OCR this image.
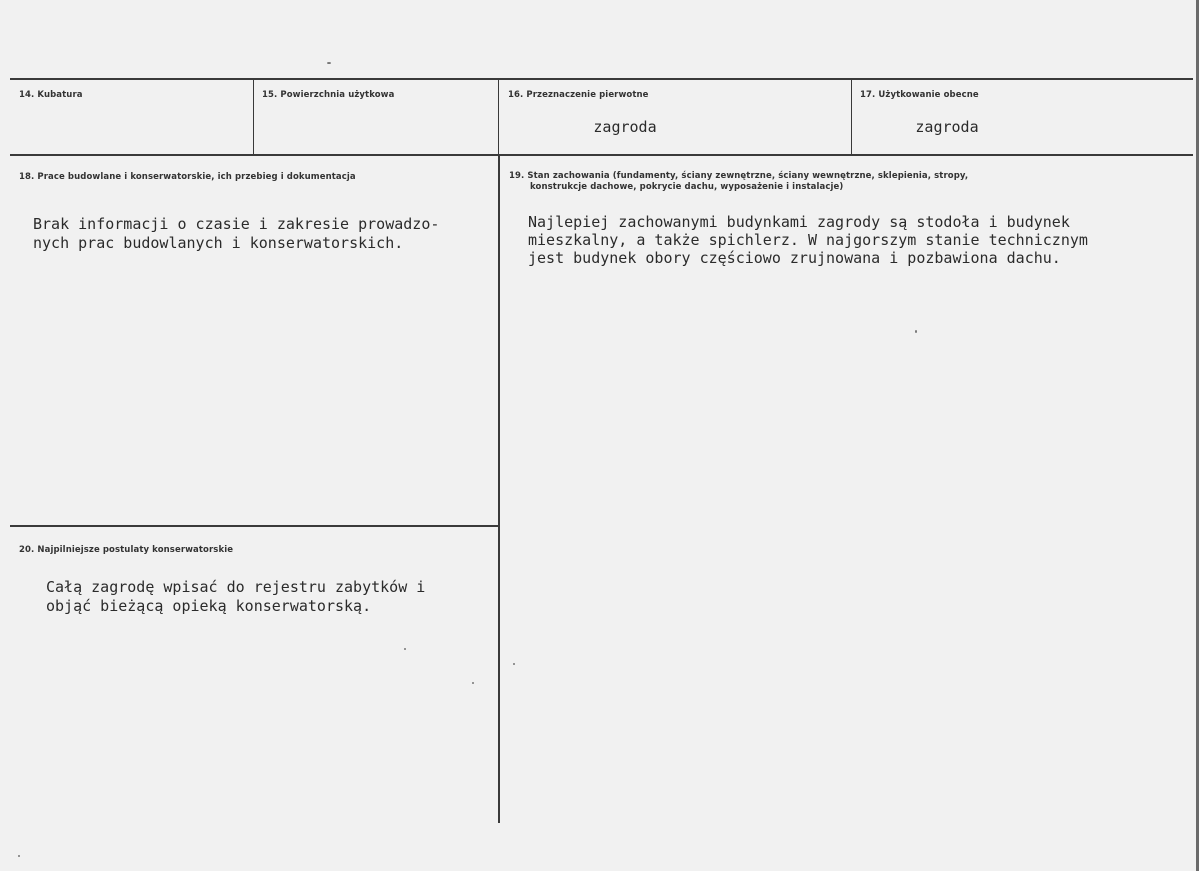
14. Kubatura	15. Powierzchnia użytkowa	16. Przeznaczenie pierwotne
zagroda
17. Użytkowanie obecne
zagroda
18. Prace budowlane i konserwatorskie, ich przebieg i dokumentacja
Brak informacji o czasie i zakresie prowadzo-
nych prac budowlanych i konserwatorskich.
19. Stan zachowania (fundamenty, ściany zewnętrzne, ściany wewnętrzne, sklepienia, stropy,
konstrukcje dachowe, pokrycie dachu, wyposażenie i instalacje)
Najlepiej zachowanymi budynkami zagrody są stodoła i budynek
mieszkalny, a także spichlerz. W najgorszym stanie technicznym
jest budynek obory częściowo zrujnowana i pozbawiona dachu.
20. Najpilniejsze postulaty konserwatorskie
Całą zagrodę wpisać do rejestru zabytków i
objąć bieżącą opieką konserwatorską.
